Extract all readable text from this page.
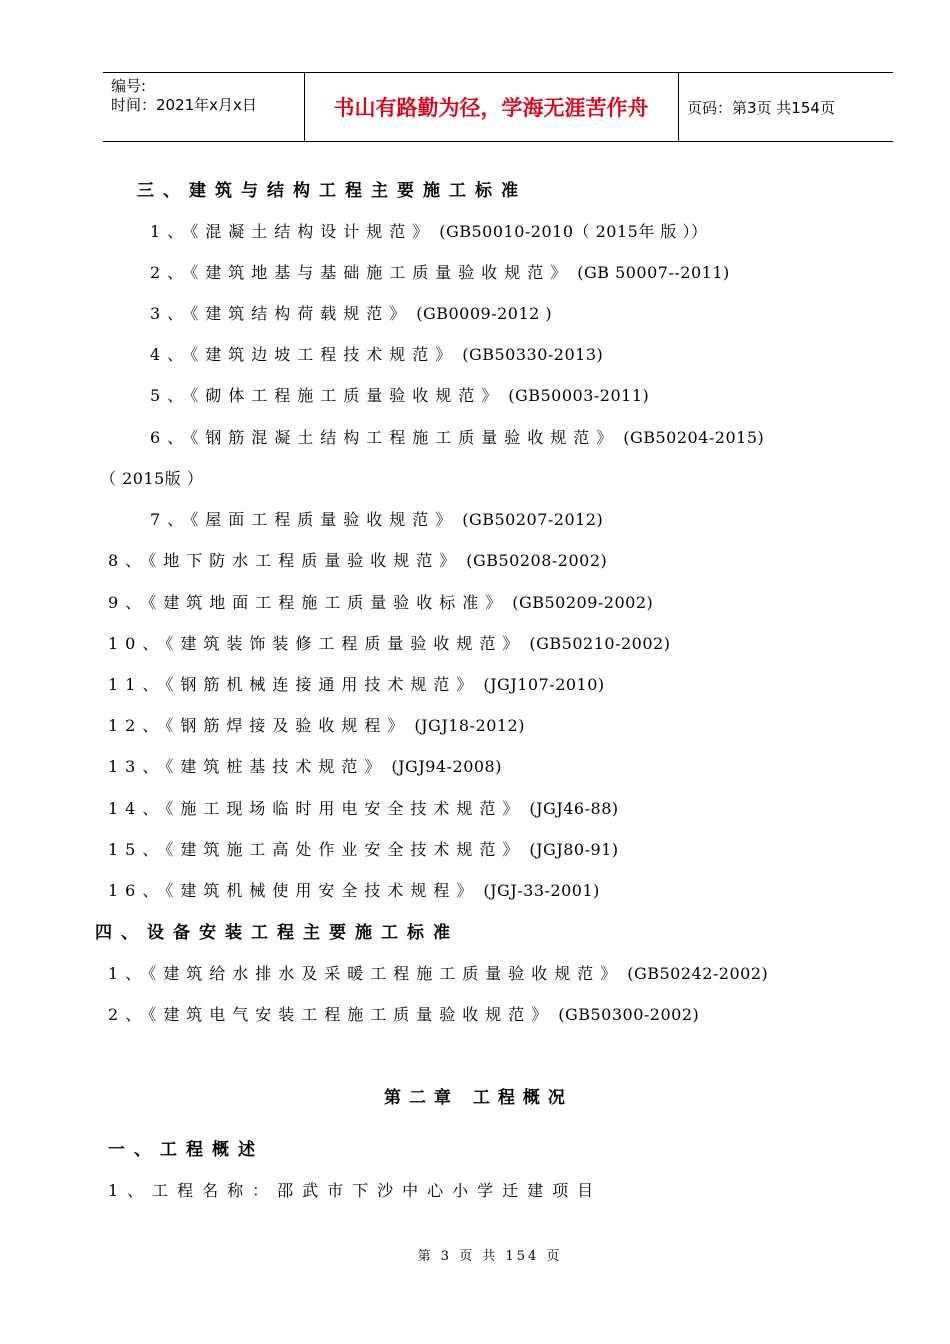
编号:
时间：2021年x月x日	书山有路勤为径，学海无涯苦作舟	页码：第3页 共154页
三、建筑与结构工程主要施工标准
1、《混凝土结构设计规范》 (GB50010-2010（ 2015年 版 ））
2、《建筑地基与基础施工质量验收规范》 (GB 50007--2011)
3、《建筑结构荷载规范》 (GB0009-2012 )
4、《建筑边坡工程技术规范》 (GB50330-2013)
5、《砌体工程施工质量验收规范》 (GB50003-2011)
6、《钢筋混凝土结构工程施工质量验收规范》 (GB50204-2015)
（ 2015版 ）
7、《屋面工程质量验收规范》 (GB50207-2012)
8、《地下防水工程质量验收规范》 (GB50208-2002)
9、《建筑地面工程施工质量验收标准》 (GB50209-2002)
10、《建筑装饰装修工程质量验收规范》 (GB50210-2002)
11、《钢筋机械连接通用技术规范》 (JGJ107-2010)
12、《钢筋焊接及验收规程》 (JGJ18-2012)
13、《建筑桩基技术规范》 (JGJ94-2008)
14、《施工现场临时用电安全技术规范》 (JGJ46-88)
15、《建筑施工高处作业安全技术规范》 (JGJ80-91)
16、《建筑机械使用安全技术规程》 (JGJ-33-2001)
四、设备安装工程主要施工标准
1、《建筑给水排水及采暖工程施工质量验收规范》 (GB50242-2002)
2、《建筑电气安装工程施工质量验收规范》 (GB50300-2002)
第二章 工程概况
一、工程概述
1、工程名称：邵武市下沙中心小学迁建项目
第 3 页 共 154 页
